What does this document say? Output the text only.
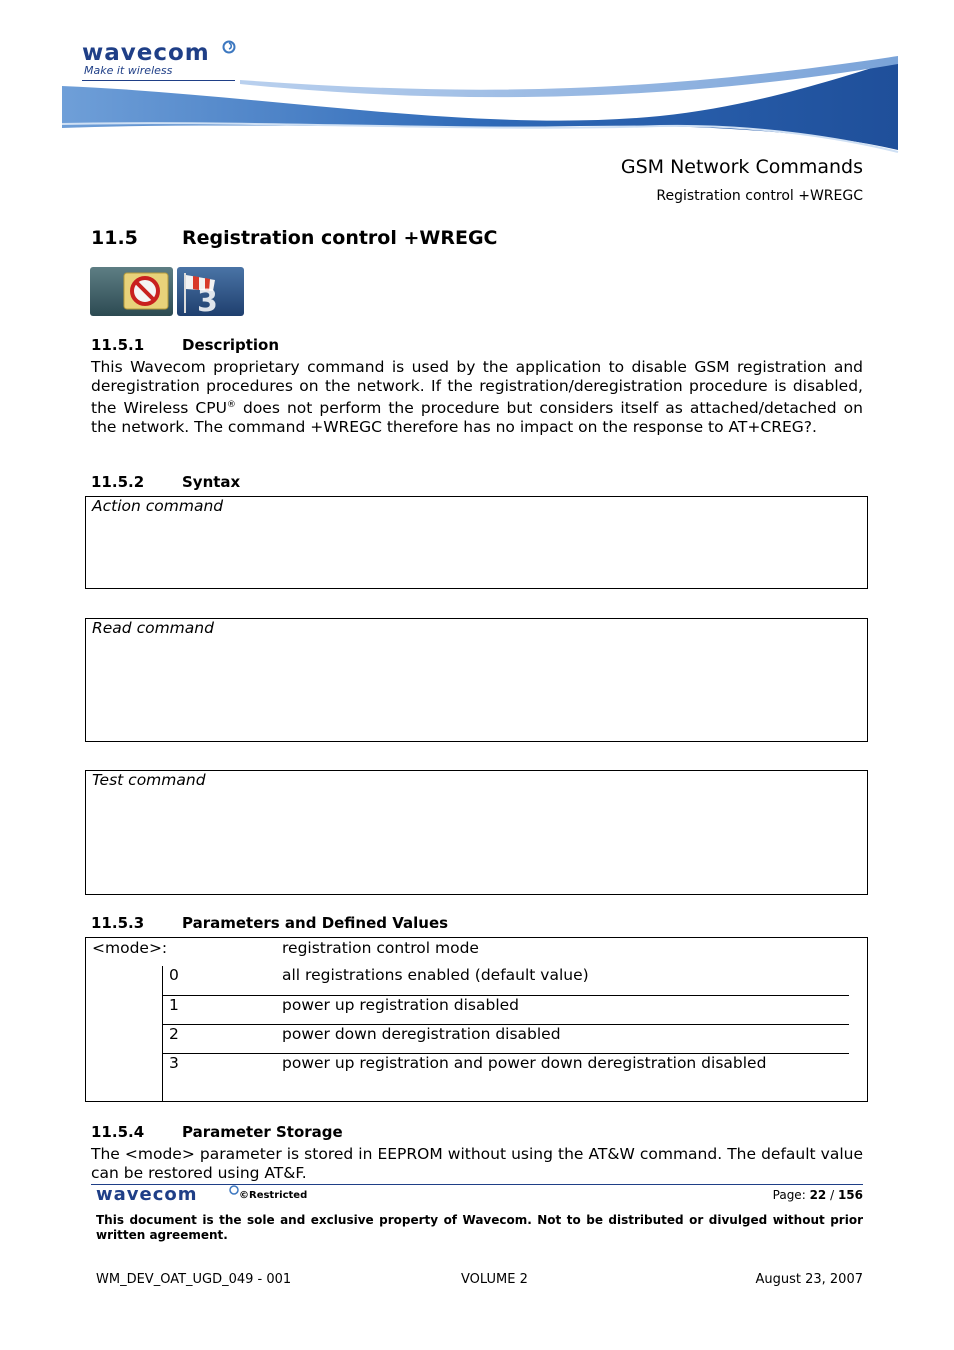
wavecom
Make it wireless
GSM Network Commands
Registration control +WREGC
11.5 Registration control +WREGC
3
11.5.1	Description
This Wavecom proprietary command is used by the application to disable GSM registration and deregistration procedures on the network. If the registration/deregistration procedure is disabled, the Wireless CPU® does not perform the procedure but considers itself as attached/detached on the network. The command +WREGC therefore has no impact on the response to AT+CREG?.
11.5.2	Syntax
Action command
Read command
Test command
11.5.3	Parameters and Defined Values
<mode>:	registration control mode
0	all registrations enabled (default value)
1	power up registration disabled
2	power down deregistration disabled
3	power up registration and power down deregistration disabled
11.5.4	Parameter Storage
The <mode> parameter is stored in EEPROM without using the AT&W command. The default value can be restored using AT&F.
wavecom	©Restricted	Page: 22 / 156
This document is the sole and exclusive property of Wavecom. Not to be distributed or divulged without prior written agreement.
WM_DEV_OAT_UGD_049 - 001	VOLUME 2	August 23, 2007
